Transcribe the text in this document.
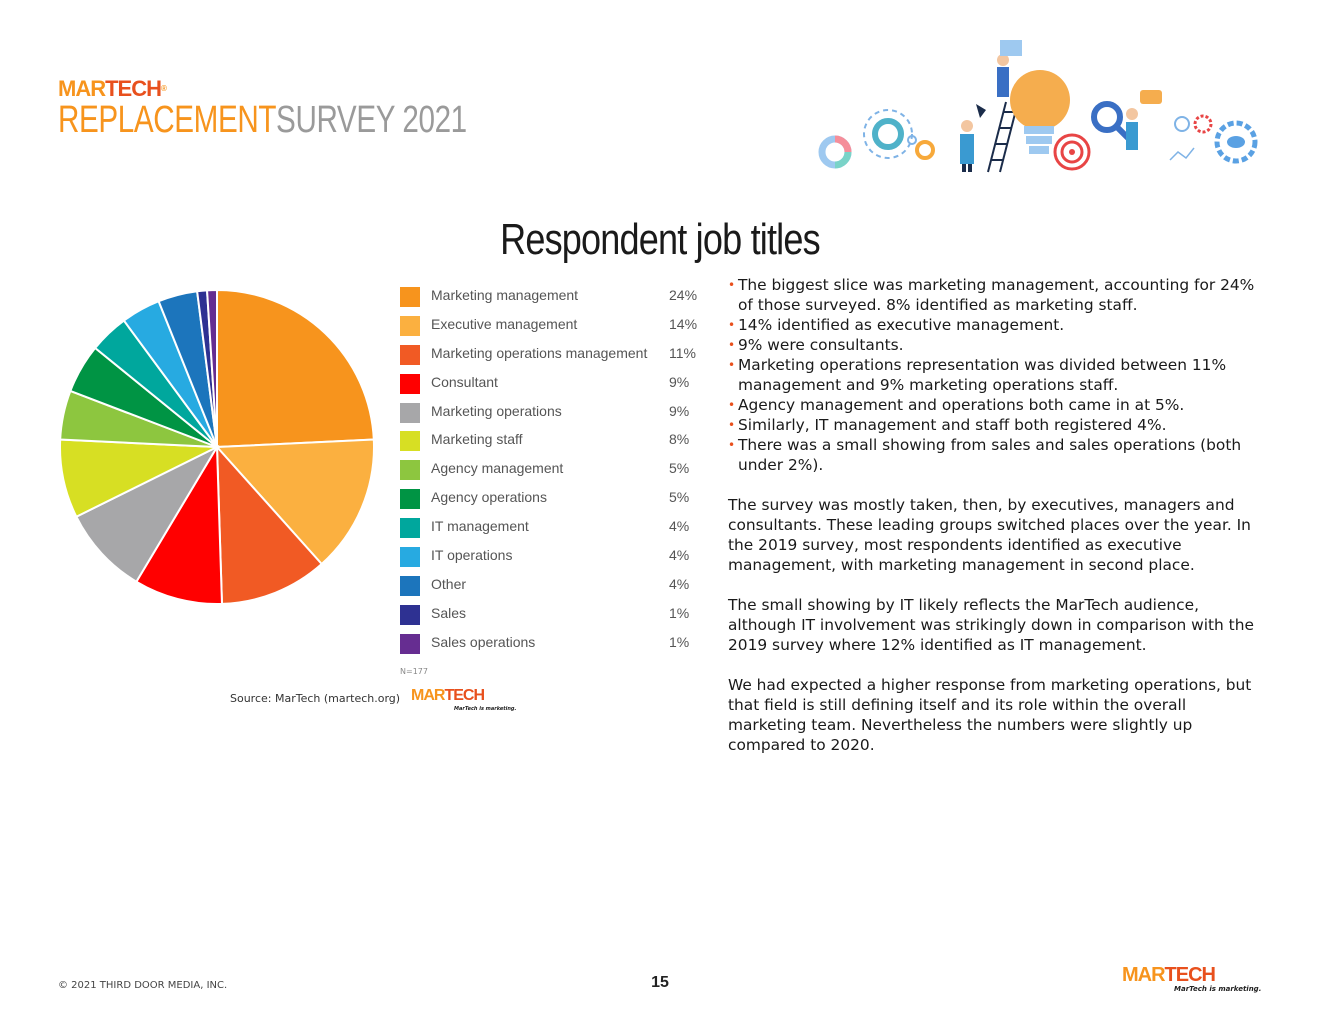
MARTECH®
REPLACEMENTSURVEY 2021
Respondent job titles
Marketing management	24%
Executive management	14%
Marketing operations management 11%
Consultant	9%
Marketing operations	9%
Marketing staff	8%
Agency management	5%
Agency operations	5%
IT management	4%
IT operations	4%
Other	4%
Sales	1%
Sales operations	1%
N=177
Source: MarTech (martech.org) MARTECH
MarTech is marketing.
• The biggest slice was marketing management, accounting for 24% of those surveyed. 8% identified as marketing staff.
• 14% identified as executive management.
• 9% were consultants.
• Marketing operations representation was divided between 11% management and 9% marketing operations staff.
• Agency management and operations both came in at 5%.
• Similarly, IT management and staff both registered 4%.
• There was a small showing from sales and sales operations (both under 2%).

The survey was mostly taken, then, by executives, managers and consultants. These leading groups switched places over the year. In the 2019 survey, most respondents identified as executive management, with marketing management in second place.

The small showing by IT likely reflects the MarTech audience, although IT involvement was strikingly down in comparison with the 2019 survey where 12% identified as IT management.

We had expected a higher response from marketing operations, but that field is still defining itself and its role within the overall marketing team. Nevertheless the numbers were slightly up compared to 2020.

© 2021 THIRD DOOR MEDIA, INC.	15	MARTECH
MarTech is marketing.
